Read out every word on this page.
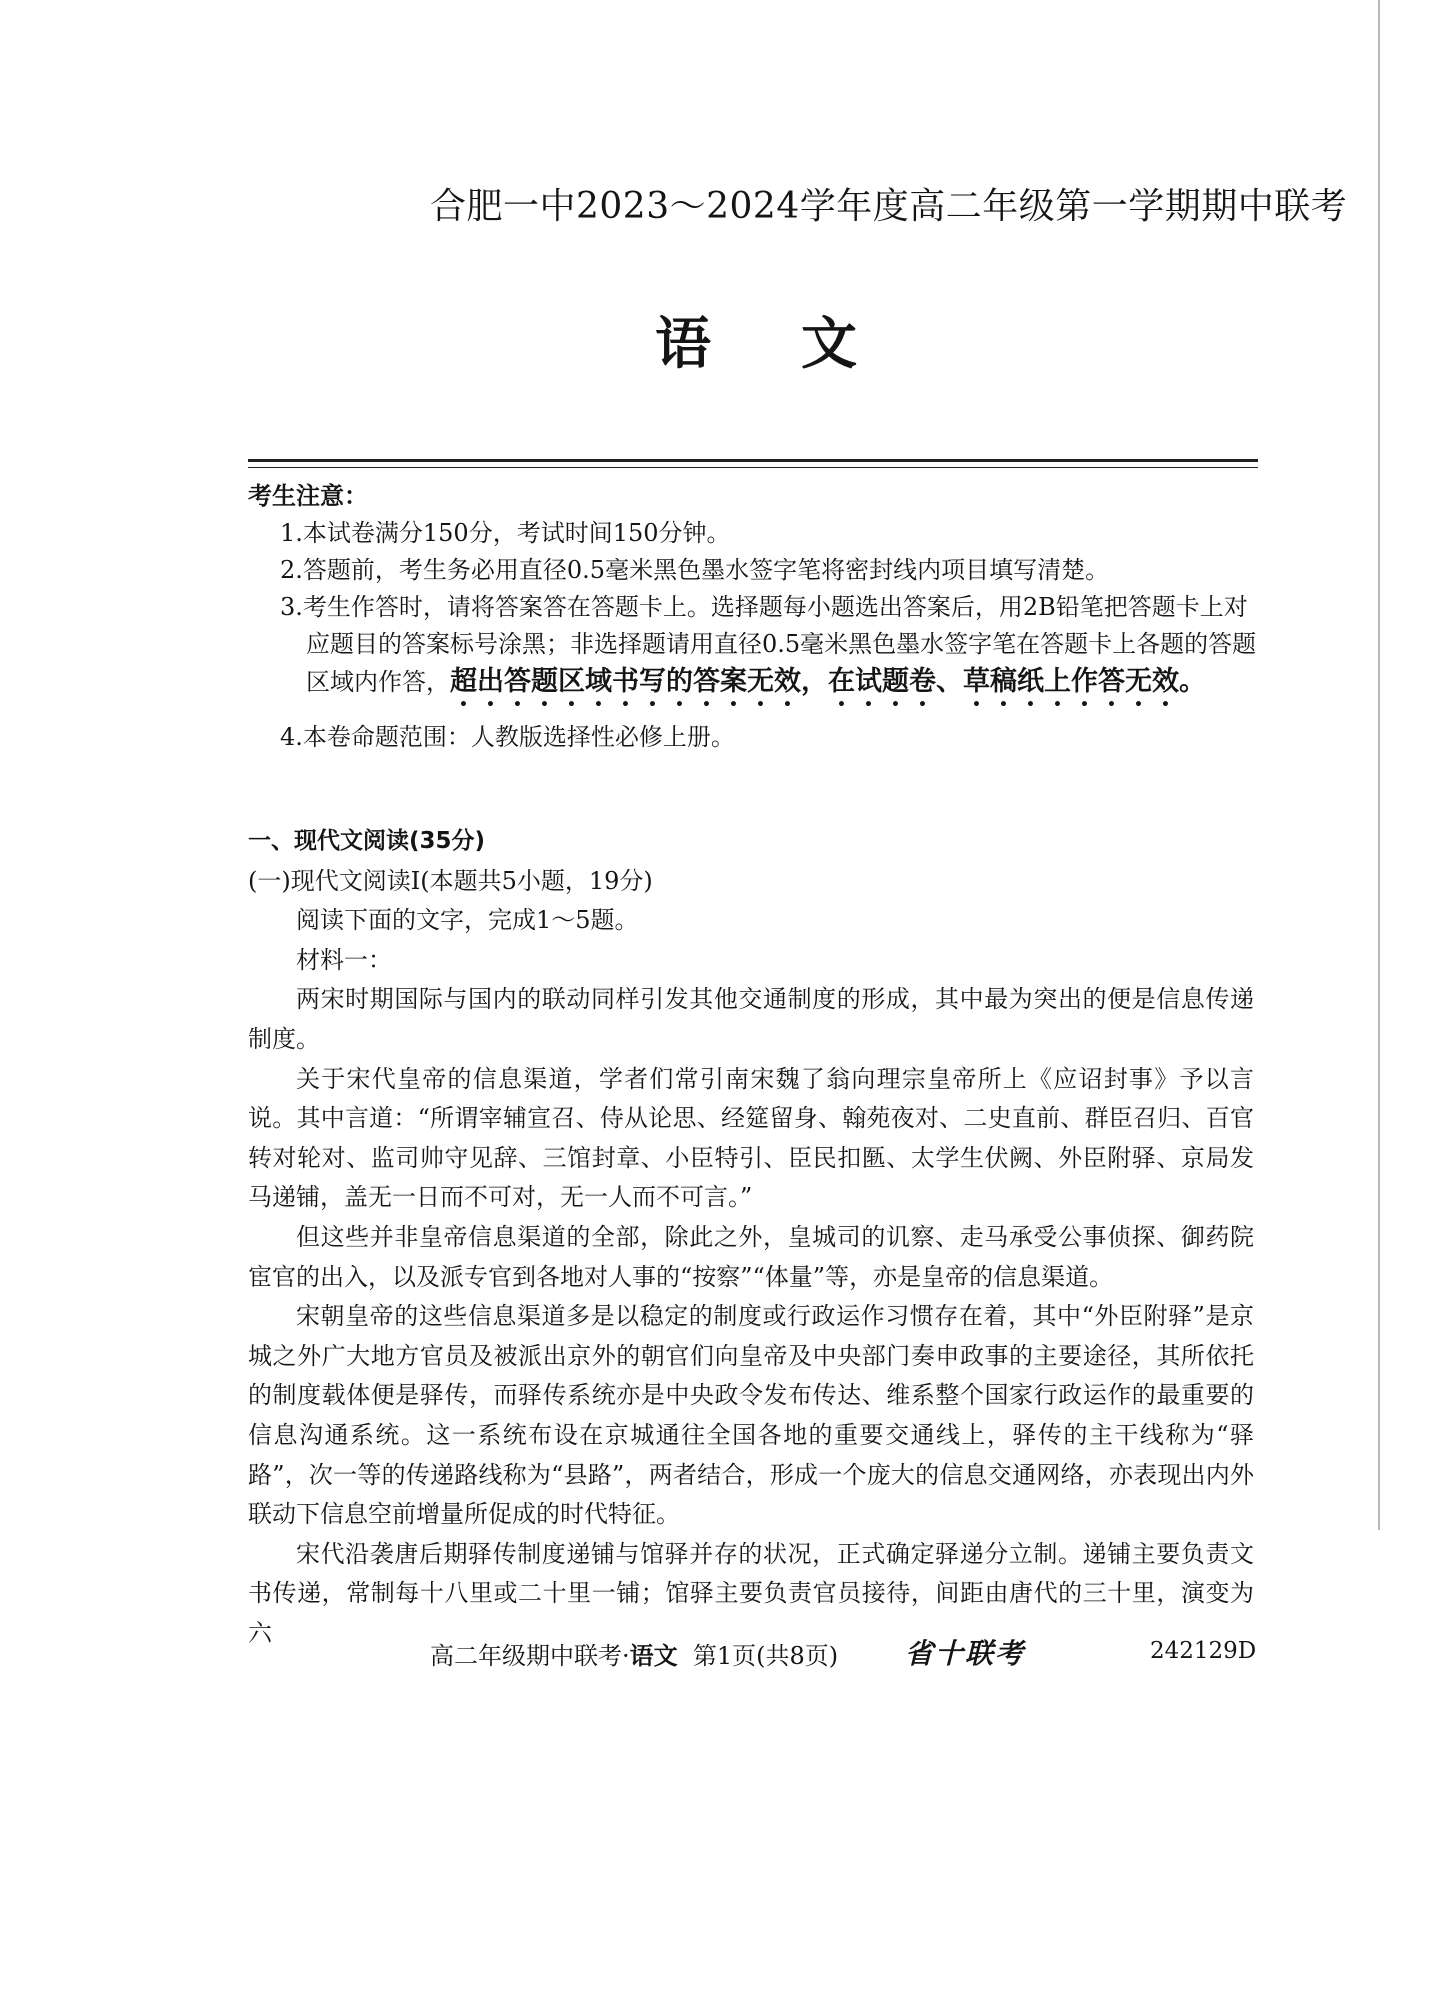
合肥一中2023～2024学年度高二年级第一学期期中联考
语文
考生注意：
1.本试卷满分150分，考试时间150分钟。
2.答题前，考生务必用直径0.5毫米黑色墨水签字笔将密封线内项目填写清楚。
3.考生作答时，请将答案答在答题卡上。选择题每小题选出答案后，用2B铅笔把答题卡上对应题目的答案标号涂黑；非选择题请用直径0.5毫米黑色墨水签字笔在答题卡上各题的答题区域内作答，超出答题区域书写的答案无效，在试题卷、草稿纸上作答无效。
4.本卷命题范围：人教版选择性必修上册。
一、现代文阅读(35分)
(一)现代文阅读Ⅰ(本题共5小题，19分)
阅读下面的文字，完成1～5题。
材料一：
两宋时期国际与国内的联动同样引发其他交通制度的形成，其中最为突出的便是信息传递制度。
关于宋代皇帝的信息渠道，学者们常引南宋魏了翁向理宗皇帝所上《应诏封事》予以言说。其中言道：“所谓宰辅宣召、侍从论思、经筵留身、翰苑夜对、二史直前、群臣召归、百官转对轮对、监司帅守见辞、三馆封章、小臣特引、臣民扣匦、太学生伏阙、外臣附驿、京局发马递铺，盖无一日而不可对，无一人而不可言。”
但这些并非皇帝信息渠道的全部，除此之外，皇城司的讥察、走马承受公事侦探、御药院宦官的出入，以及派专官到各地对人事的“按察”“体量”等，亦是皇帝的信息渠道。
宋朝皇帝的这些信息渠道多是以稳定的制度或行政运作习惯存在着，其中“外臣附驿”是京城之外广大地方官员及被派出京外的朝官们向皇帝及中央部门奏申政事的主要途径，其所依托的制度载体便是驿传，而驿传系统亦是中央政令发布传达、维系整个国家行政运作的最重要的信息沟通系统。这一系统布设在京城通往全国各地的重要交通线上，驿传的主干线称为“驿路”，次一等的传递路线称为“县路”，两者结合，形成一个庞大的信息交通网络，亦表现出内外联动下信息空前增量所促成的时代特征。
宋代沿袭唐后期驿传制度递铺与馆驿并存的状况，正式确定驿递分立制。递铺主要负责文书传递，常制每十八里或二十里一铺；馆驿主要负责官员接待，间距由唐代的三十里，演变为六
高二年级期中联考·语文 第1页(共8页) 省十联考	242129D
